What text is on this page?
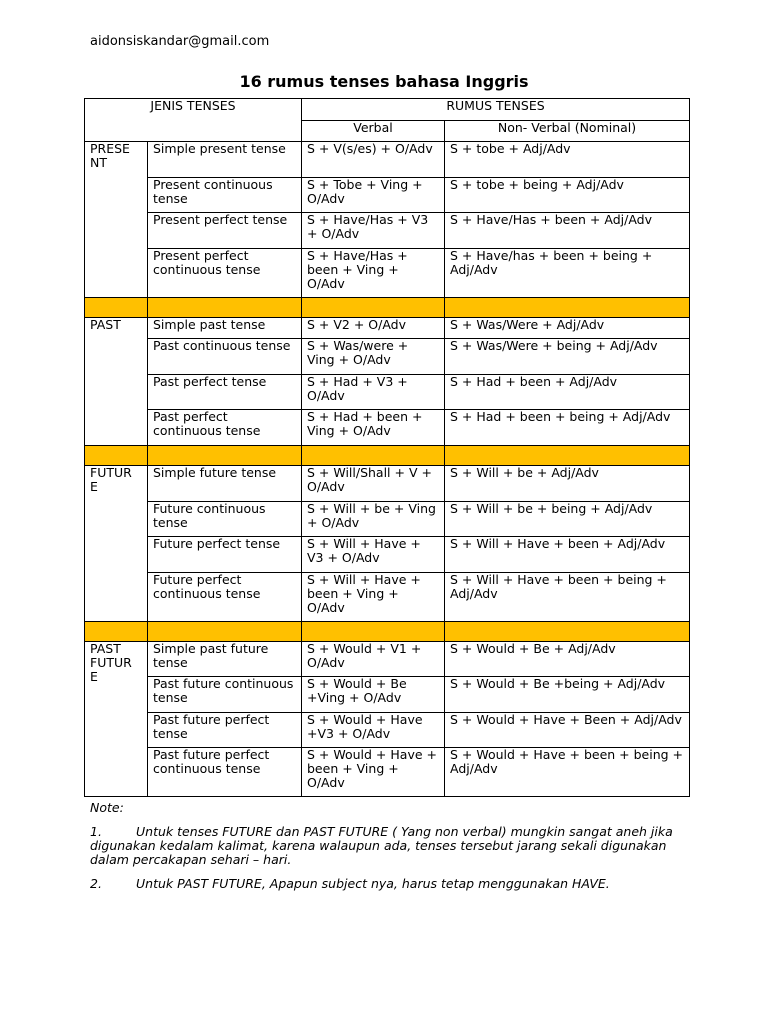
aidonsiskandar@gmail.com
16 rumus tenses bahasa Inggris
JENIS TENSES		RUMUS TENSES	
		Verbal	Non- Verbal (Nominal)
PRESE
NT	Simple present tense	S + V(s/es) + O/Adv	S + tobe + Adj/Adv
	Present continuous tense	S + Tobe + Ving + O/Adv	S + tobe + being + Adj/Adv
	Present perfect tense	S + Have/Has + V3 + O/Adv	S + Have/Has + been + Adj/Adv
	Present perfect continuous tense	S + Have/Has + been + Ving + O/Adv	S + Have/has + been + being + Adj/Adv

PAST	Simple past tense	S + V2 + O/Adv	S + Was/Were + Adj/Adv
	Past continuous tense	S + Was/were + Ving + O/Adv	S + Was/Were + being + Adj/Adv
	Past perfect tense	S + Had + V3 + O/Adv	S + Had + been + Adj/Adv
	Past perfect continuous tense	S + Had + been + Ving + O/Adv	S + Had + been + being + Adj/Adv

FUTUR
E	Simple future tense	S + Will/Shall + V + O/Adv	S + Will + be + Adj/Adv
	Future continuous tense	S + Will + be + Ving + O/Adv	S + Will + be + being + Adj/Adv
	Future perfect tense	S + Will + Have + V3 + O/Adv	S + Will + Have + been + Adj/Adv
	Future perfect continuous tense	S + Will + Have + been + Ving + O/Adv	S + Will + Have + been + being + Adj/Adv

PAST
FUTUR
E	Simple past future tense	S + Would + V1 + O/Adv	S + Would + Be + Adj/Adv
	Past future continuous tense	S + Would + Be +Ving + O/Adv	S + Would + Be +being + Adj/Adv
	Past future perfect tense	S + Would + Have +V3 + O/Adv	S + Would + Have + Been + Adj/Adv
	Past future perfect continuous tense	S + Would + Have + been + Ving + O/Adv	S + Would + Have + been + being + Adj/Adv

Note:

1.	Untuk tenses FUTURE dan PAST FUTURE ( Yang non verbal) mungkin sangat aneh jika digunakan kedalam kalimat, karena walaupun ada, tenses tersebut jarang sekali digunakan dalam percakapan sehari – hari.

2.	Untuk PAST FUTURE, Apapun subject nya, harus tetap menggunakan HAVE.
